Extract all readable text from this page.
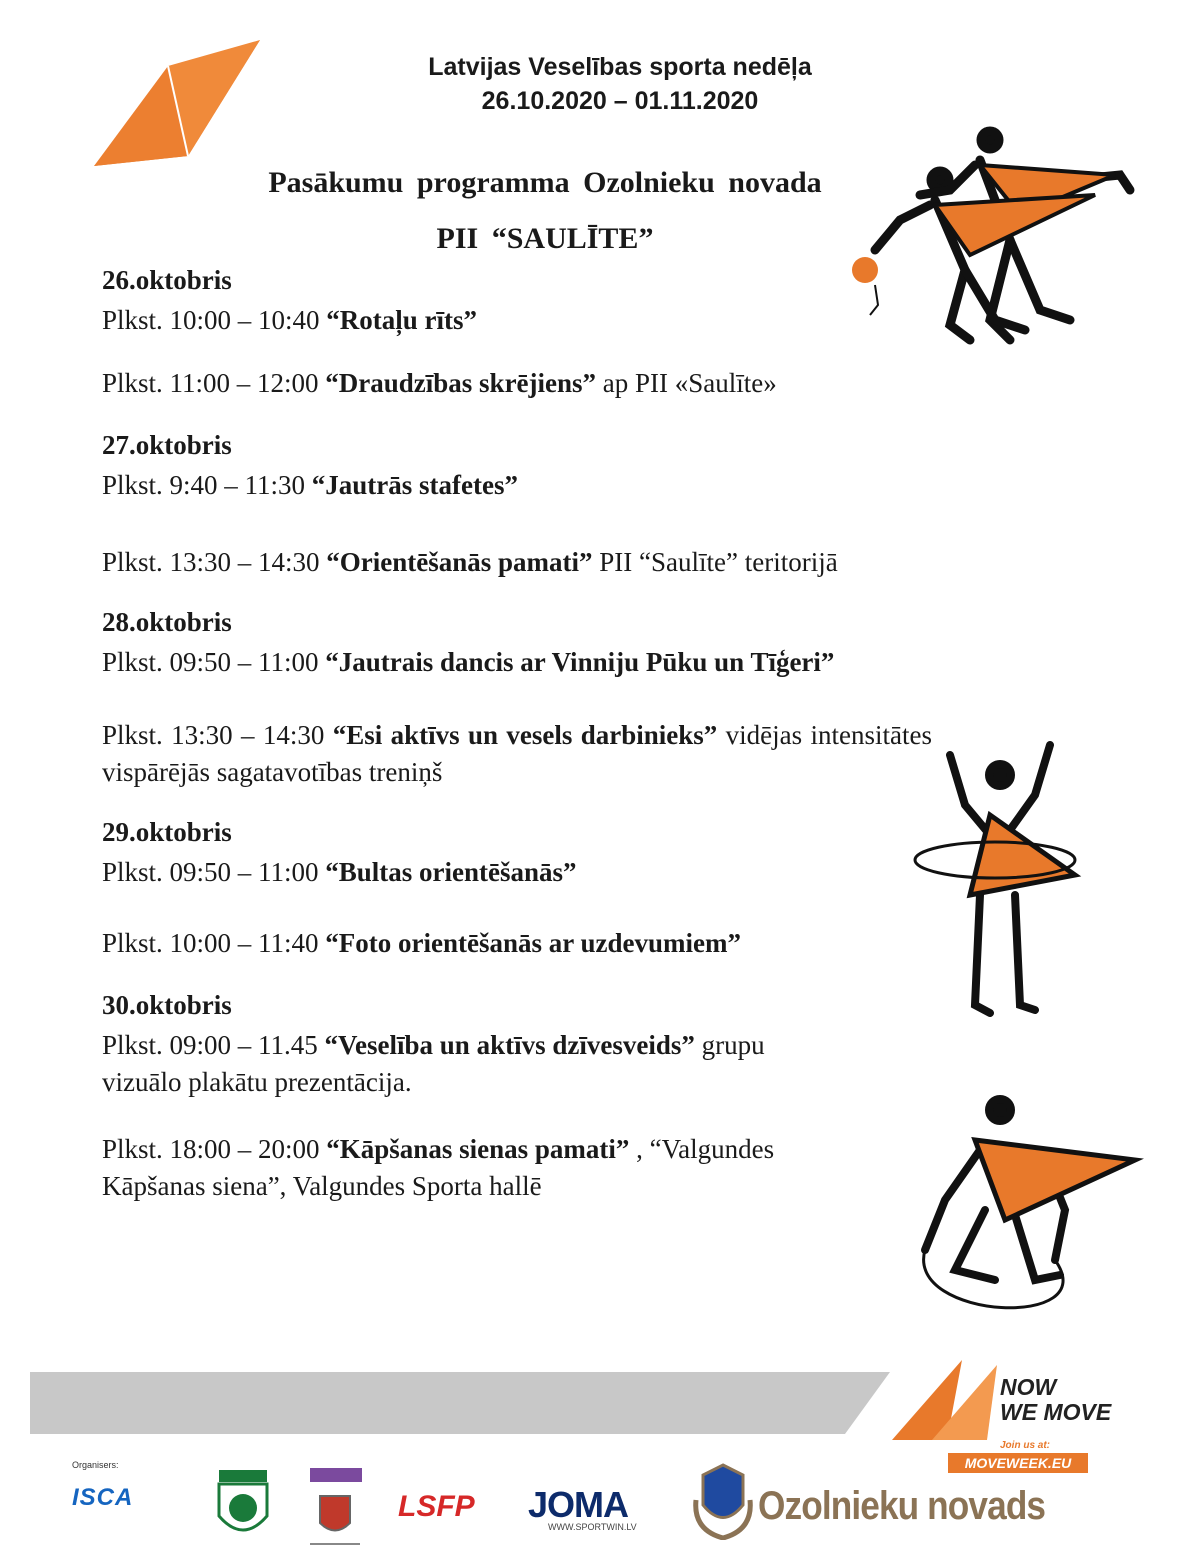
Latvijas Veselības sporta nedēļa
26.10.2020 – 01.11.2020
Pasākumu programma Ozolnieku novada
PII “SAULĪTE”
26.oktobris
Plkst. 10:00 – 10:40 “Rotaļu rīts”
Plkst. 11:00 – 12:00 “Draudzības skrējiens” ap PII «Saulīte»
27.oktobris
Plkst. 9:40 – 11:30 “Jautrās stafetes”
Plkst. 13:30 – 14:30 “Orientēšanās pamati” PII “Saulīte” teritorijā
28.oktobris
Plkst. 09:50 – 11:00 “Jautrais dancis ar Vinniju Pūku un Tīģeri”
Plkst. 13:30 – 14:30 “Esi aktīvs un vesels darbinieks” vidējas intensitātes vispārējās sagatavotības treniņš
29.oktobris
Plkst. 09:50 – 11:00 “Bultas orientēšanās”
Plkst. 10:00 – 11:40 “Foto orientēšanās ar uzdevumiem”
30.oktobris
Plkst. 09:00 – 11.45 “Veselība un aktīvs dzīvesveids” grupu vizuālo plakātu prezentācija.
Plkst. 18:00 – 20:00 “Kāpšanas sienas pamati” , “Valgundes Kāpšanas siena”, Valgundes Sporta hallē
NOW
WE MOVE
Join us at:
MOVEWEEK.EU
Organisers:
ISCA	LSFP JOMA
WWW.SPORTWIN.LV	Ozolnieku novads
